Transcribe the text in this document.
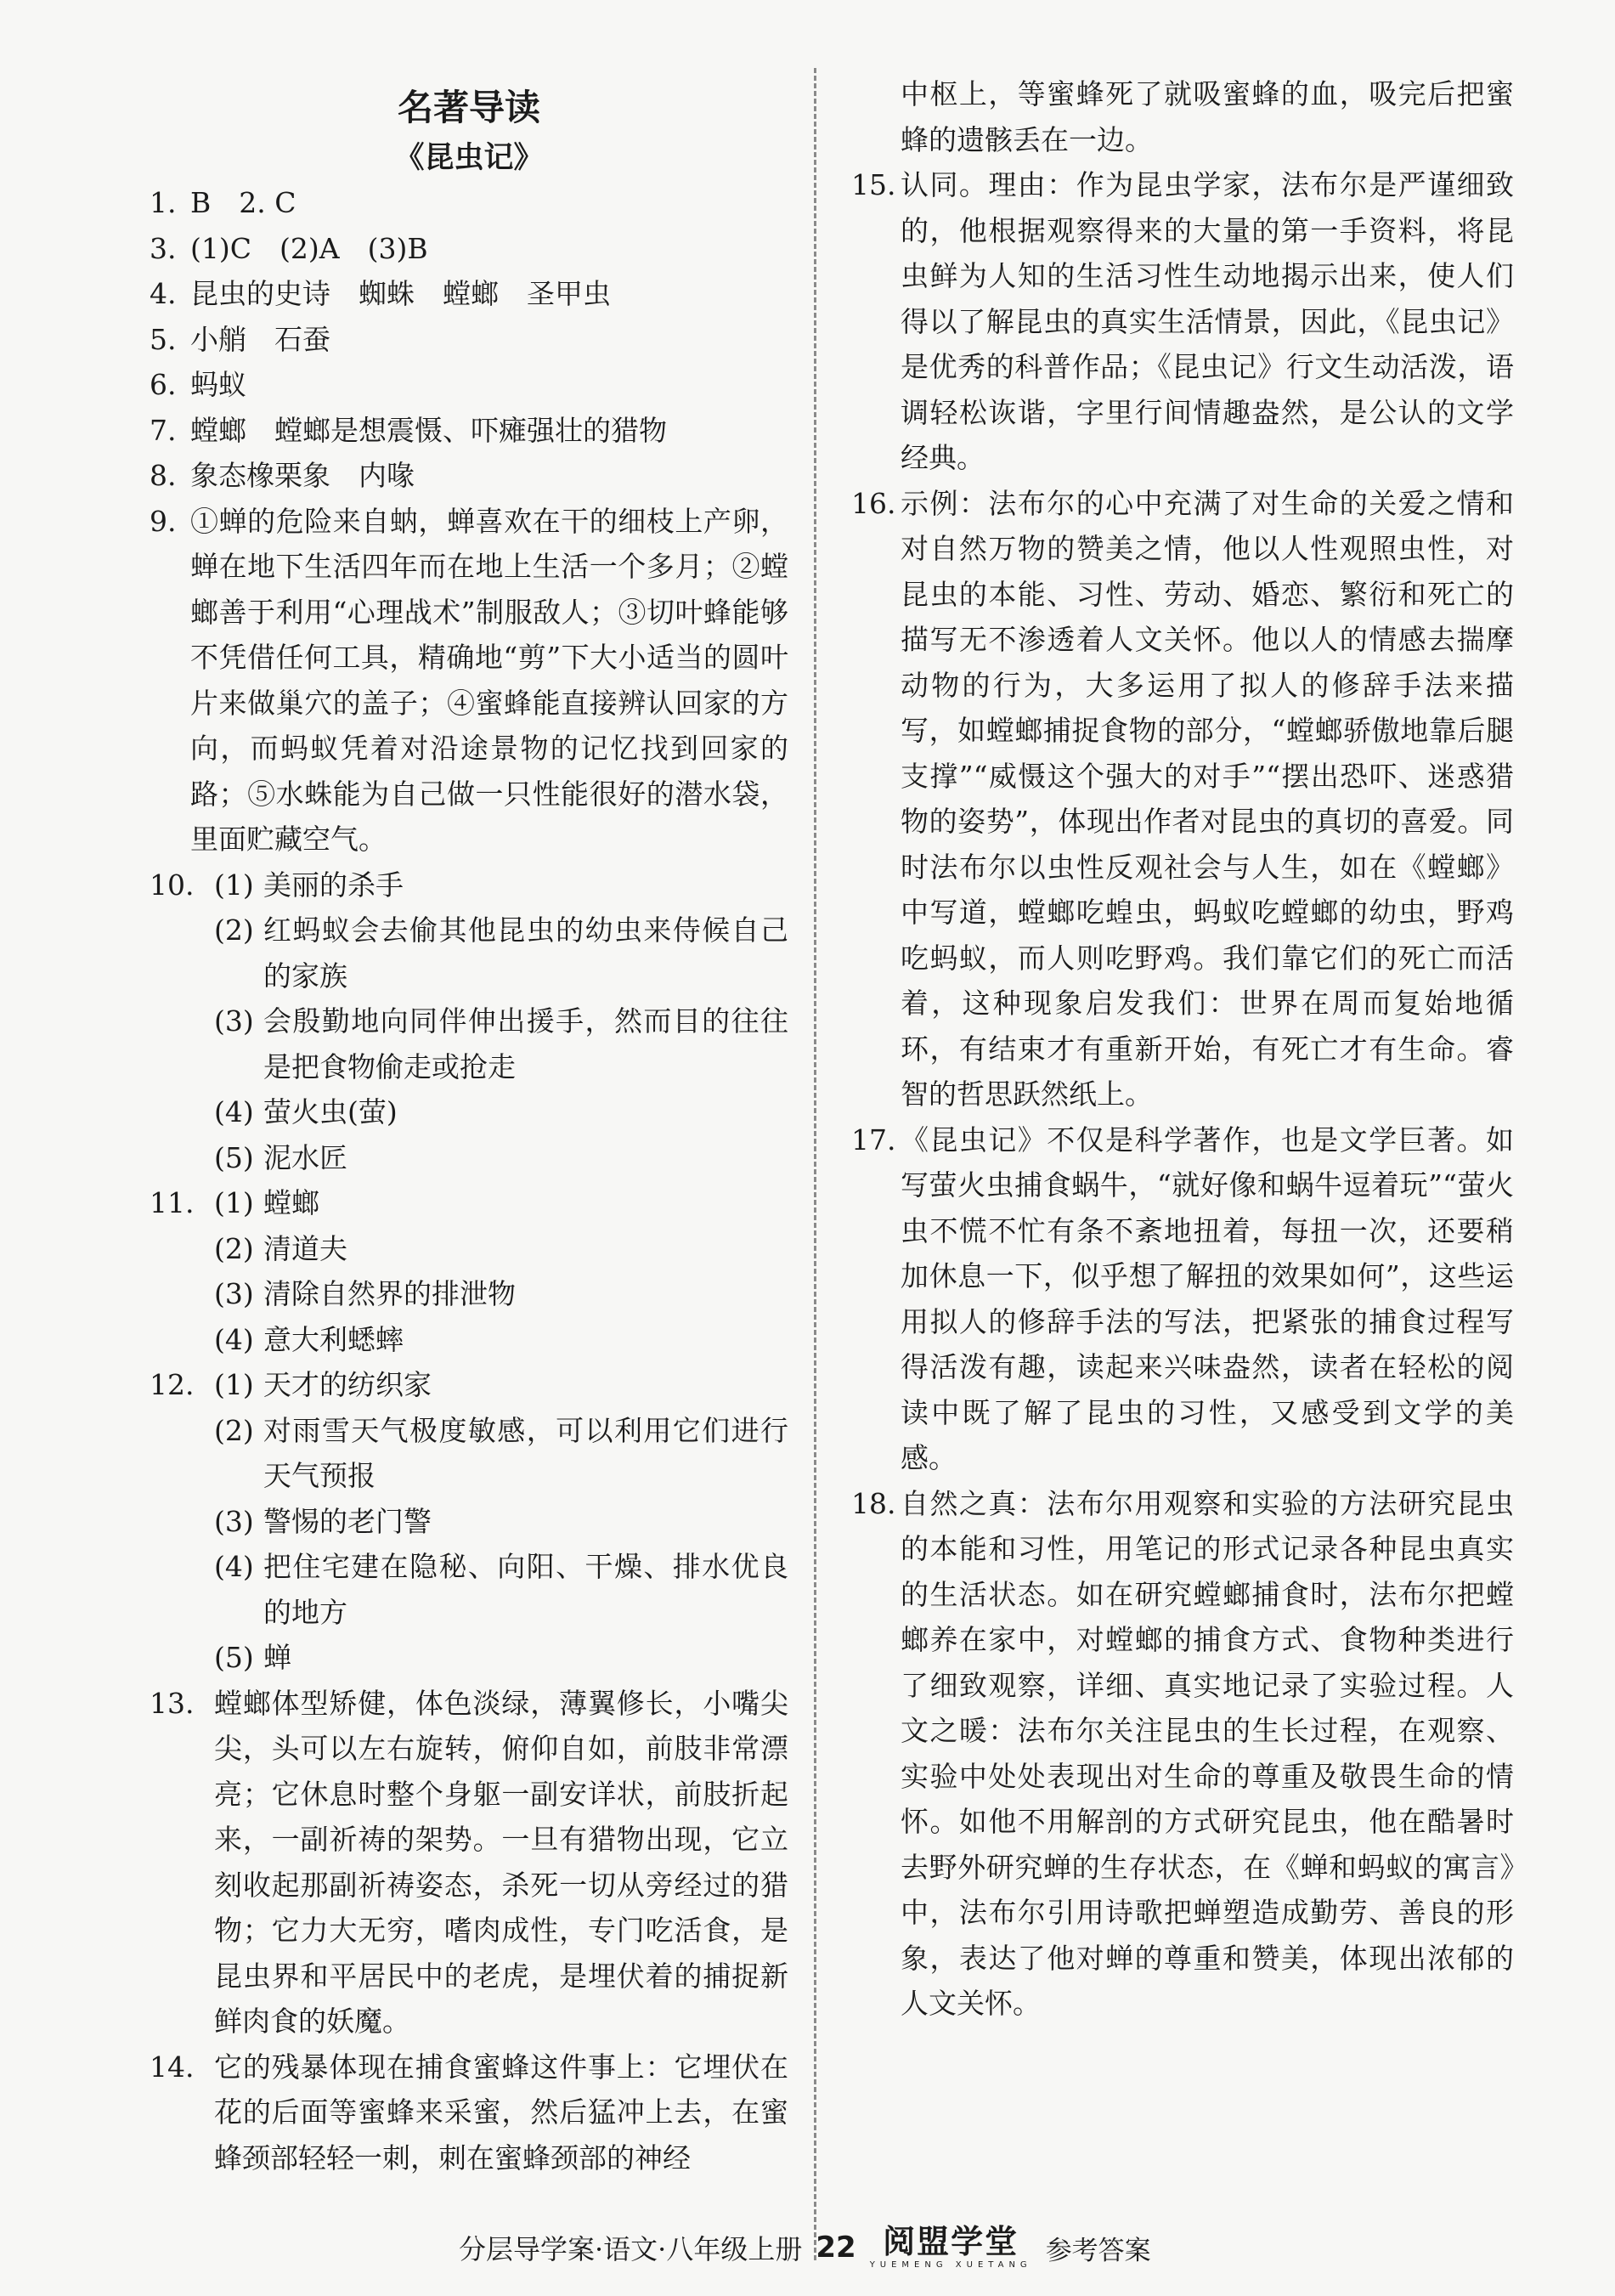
名著导读
《昆虫记》
1. B　2. C
3. (1)C　(2)A　(3)B
4. 昆虫的史诗　蜘蛛　螳螂　圣甲虫
5. 小艄　石蚕
6. 蚂蚁
7. 螳螂　螳螂是想震慑、吓瘫强壮的猎物
8. 象态橡栗象　内喙
9. ①蝉的危险来自蚋，蝉喜欢在干的细枝上产卵，蝉在地下生活四年而在地上生活一个多月；②螳螂善于利用“心理战术”制服敌人；③切叶蜂能够不凭借任何工具，精确地“剪”下大小适当的圆叶片来做巢穴的盖子；④蜜蜂能直接辨认回家的方向，而蚂蚁凭着对沿途景物的记忆找到回家的路；⑤水蛛能为自己做一只性能很好的潜水袋，里面贮藏空气。
10. (1) 美丽的杀手
(2) 红蚂蚁会去偷其他昆虫的幼虫来侍候自己的家族
(3) 会殷勤地向同伴伸出援手，然而目的往往是把食物偷走或抢走
(4) 萤火虫(萤)
(5) 泥水匠
11. (1) 螳螂
(2) 清道夫
(3) 清除自然界的排泄物
(4) 意大利蟋蟀
12. (1) 天才的纺织家
(2) 对雨雪天气极度敏感，可以利用它们进行天气预报
(3) 警惕的老门警
(4) 把住宅建在隐秘、向阳、干燥、排水优良的地方
(5) 蝉
13. 螳螂体型矫健，体色淡绿，薄翼修长，小嘴尖尖，头可以左右旋转，俯仰自如，前肢非常漂亮；它休息时整个身躯一副安详状，前肢折起来，一副祈祷的架势。一旦有猎物出现，它立刻收起那副祈祷姿态，杀死一切从旁经过的猎物；它力大无穷，嗜肉成性，专门吃活食，是昆虫界和平居民中的老虎，是埋伏着的捕捉新鲜肉食的妖魔。
14. 它的残暴体现在捕食蜜蜂这件事上：它埋伏在花的后面等蜜蜂来采蜜，然后猛冲上去，在蜜蜂颈部轻轻一刺，刺在蜜蜂颈部的神经
中枢上，等蜜蜂死了就吸蜜蜂的血，吸完后把蜜蜂的遗骸丢在一边。
15. 认同。理由：作为昆虫学家，法布尔是严谨细致的，他根据观察得来的大量的第一手资料，将昆虫鲜为人知的生活习性生动地揭示出来，使人们得以了解昆虫的真实生活情景，因此，《昆虫记》是优秀的科普作品；《昆虫记》行文生动活泼，语调轻松诙谐，字里行间情趣盎然，是公认的文学经典。
16. 示例：法布尔的心中充满了对生命的关爱之情和对自然万物的赞美之情，他以人性观照虫性，对昆虫的本能、习性、劳动、婚恋、繁衍和死亡的描写无不渗透着人文关怀。他以人的情感去揣摩动物的行为，大多运用了拟人的修辞手法来描写，如螳螂捕捉食物的部分，“螳螂骄傲地靠后腿支撑”“威慑这个强大的对手”“摆出恐吓、迷惑猎物的姿势”，体现出作者对昆虫的真切的喜爱。同时法布尔以虫性反观社会与人生，如在《螳螂》中写道，螳螂吃蝗虫，蚂蚁吃螳螂的幼虫，野鸡吃蚂蚁，而人则吃野鸡。我们靠它们的死亡而活着，这种现象启发我们：世界在周而复始地循环，有结束才有重新开始，有死亡才有生命。睿智的哲思跃然纸上。
17. 《昆虫记》不仅是科学著作，也是文学巨著。如写萤火虫捕食蜗牛，“就好像和蜗牛逗着玩”“萤火虫不慌不忙有条不紊地扭着，每扭一次，还要稍加休息一下，似乎想了解扭的效果如何”，这些运用拟人的修辞手法的写法，把紧张的捕食过程写得活泼有趣，读起来兴味盎然，读者在轻松的阅读中既了解了昆虫的习性，又感受到文学的美感。
18. 自然之真：法布尔用观察和实验的方法研究昆虫的本能和习性，用笔记的形式记录各种昆虫真实的生活状态。如在研究螳螂捕食时，法布尔把螳螂养在家中，对螳螂的捕食方式、食物种类进行了细致观察，详细、真实地记录了实验过程。人文之暖：法布尔关注昆虫的生长过程，在观察、实验中处处表现出对生命的尊重及敬畏生命的情怀。如他不用解剖的方式研究昆虫，他在酷暑时去野外研究蝉的生存状态，在《蝉和蚂蚁的寓言》中，法布尔引用诗歌把蝉塑造成勤劳、善良的形象，表达了他对蝉的尊重和赞美，体现出浓郁的人文关怀。
分层导学案·语文·八年级上册 22 阅盟学堂
YUEMENG XUETANG 参考答案
